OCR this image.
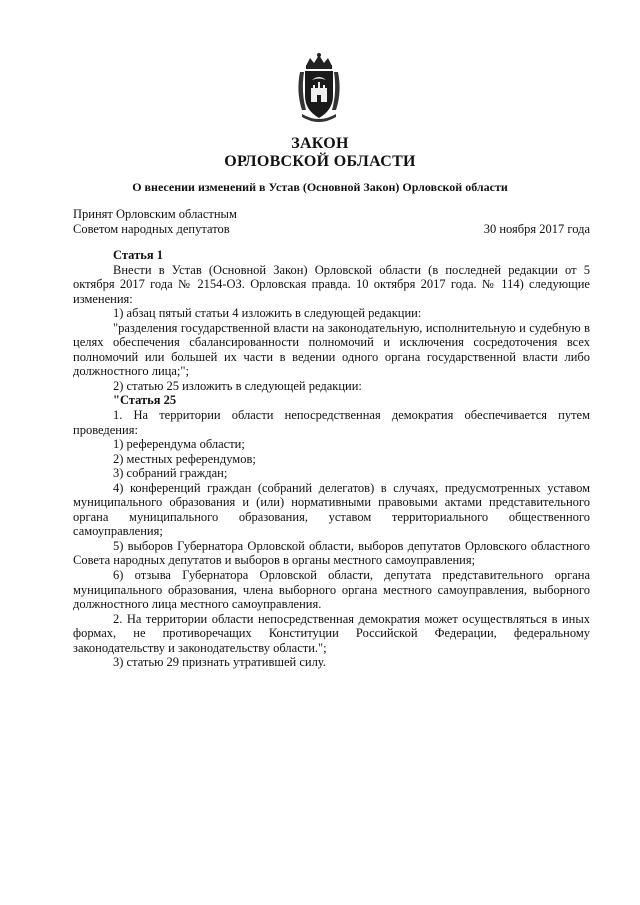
ЗАКОН
ОРЛОВСКОЙ ОБЛАСТИ
О внесении изменений в Устав (Основной Закон) Орловской области
Принят Орловским областным
Советом народных депутатов	30 ноября 2017 года

Статья 1

Внести в Устав (Основной Закон) Орловской области (в последней редакции от 5 октября 2017 года № 2154-ОЗ. Орловская правда. 10 октября 2017 года. № 114) следующие изменения:

1) абзац пятый статьи 4 изложить в следующей редакции:

"разделения государственной власти на законодательную, исполнительную и судебную в целях обеспечения сбалансированности полномочий и исключения сосредоточения всех полномочий или большей их части в ведении одного органа государственной власти либо должностного лица;";

2) статью 25 изложить в следующей редакции:

"Статья 25

1. На территории области непосредственная демократия обеспечивается путем проведения:

1) референдума области;

2) местных референдумов;

3) собраний граждан;

4) конференций граждан (собраний делегатов) в случаях, предусмотренных уставом муниципального образования и (или) нормативными правовыми актами представительного органа муниципального образования, уставом территориального общественного самоуправления;

5) выборов Губернатора Орловской области, выборов депутатов Орловского областного Совета народных депутатов и выборов в органы местного самоуправления;

6) отзыва Губернатора Орловской области, депутата представительного органа муниципального образования, члена выборного органа местного самоуправления, выборного должностного лица местного самоуправления.

2. На территории области непосредственная демократия может осуществляться в иных формах, не противоречащих Конституции Российской Федерации, федеральному законодательству и законодательству области.";

3) статью 29 признать утратившей силу.
